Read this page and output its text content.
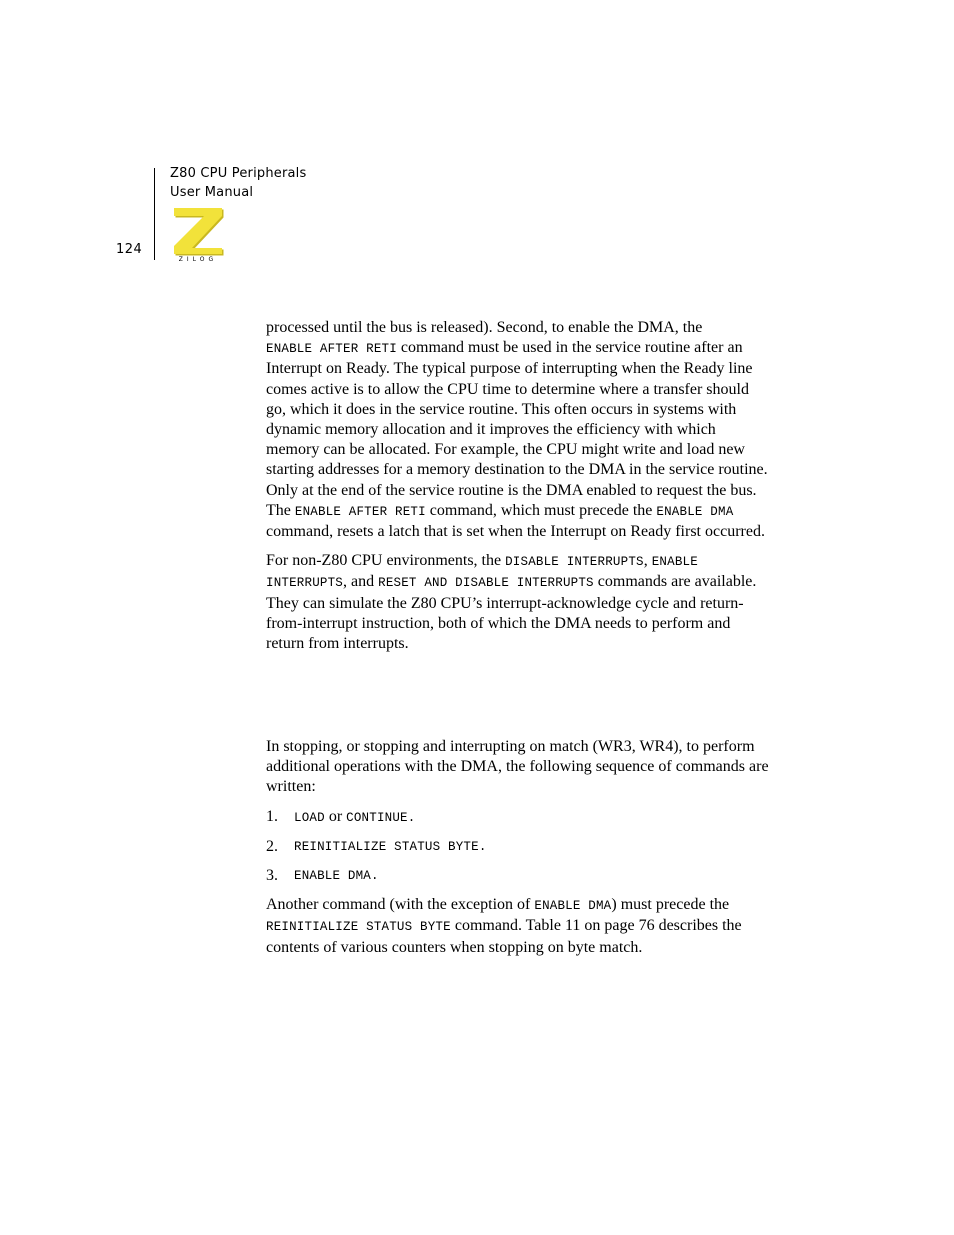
Z80 CPU Peripherals
User Manual
124
ZILOG

processed until the bus is released). Second, to enable the DMA, the
ENABLE AFTER RETI command must be used in the service routine after an Interrupt on Ready. The typical purpose of interrupting when the Ready line comes active is to allow the CPU time to determine where a transfer should go, which it does in the service routine. This often occurs in systems with dynamic memory allocation and it improves the efficiency with which memory can be allocated. For example, the CPU might write and load new starting addresses for a memory destination to the DMA in the service routine. Only at the end of the service routine is the DMA enabled to request the bus. The ENABLE AFTER RETI command, which must precede the ENABLE DMA command, resets a latch that is set when the Interrupt on Ready first occurred.

For non-Z80 CPU environments, the DISABLE INTERRUPTS, ENABLE INTERRUPTS, and RESET AND DISABLE INTERRUPTS commands are available. They can simulate the Z80 CPU’s interrupt-acknowledge cycle and return-from-interrupt instruction, both of which the DMA needs to perform and return from interrupts.

In stopping, or stopping and interrupting on match (WR3, WR4), to perform additional operations with the DMA, the following sequence of commands are written:

1.	LOAD or CONTINUE.
2.	REINITIALIZE STATUS BYTE.
3.	ENABLE DMA.

Another command (with the exception of ENABLE DMA) must precede the
REINITIALIZE STATUS BYTE command. Table 11 on page 76 describes the contents of various counters when stopping on byte match.
